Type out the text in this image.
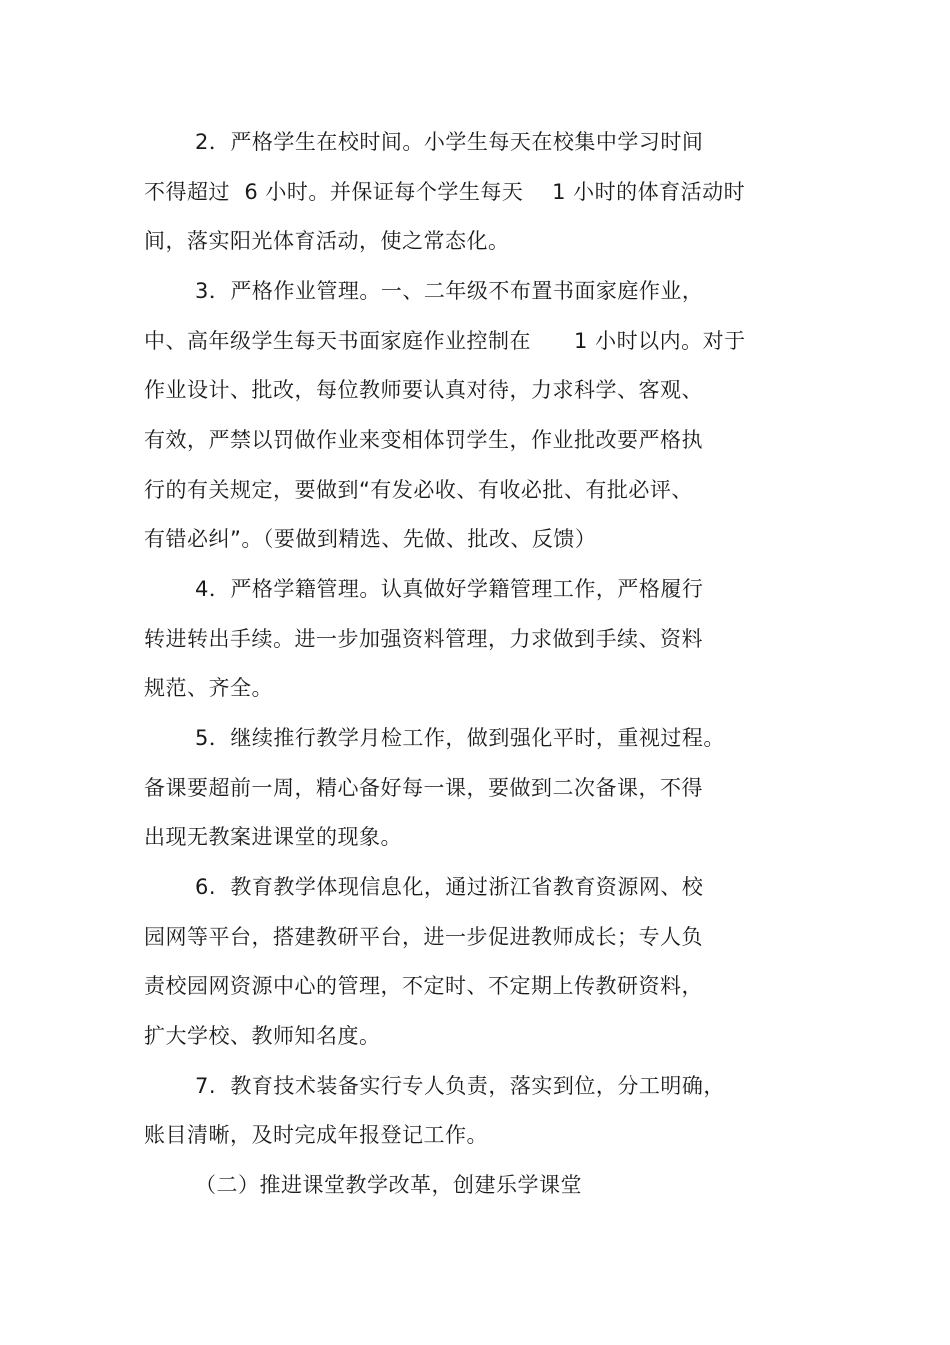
2．严格学生在校时间。小学生每天在校集中学习时间
不得超过  6 小时。并保证每个学生每天    1 小时的体育活动时
间，落实阳光体育活动，使之常态化。
3．严格作业管理。一、二年级不布置书面家庭作业，
中、高年级学生每天书面家庭作业控制在      1 小时以内。对于
作业设计、批改，每位教师要认真对待，力求科学、客观、
有效，严禁以罚做作业来变相体罚学生，作业批改要严格执
行的有关规定，要做到“有发必收、有收必批、有批必评、
有错必纠”。（要做到精选、先做、批改、反馈）
4．严格学籍管理。认真做好学籍管理工作，严格履行
转进转出手续。进一步加强资料管理，力求做到手续、资料
规范、齐全。
5．继续推行教学月检工作，做到强化平时，重视过程。
备课要超前一周，精心备好每一课，要做到二次备课，不得
出现无教案进课堂的现象。
6.  教育教学体现信息化，通过浙江省教育资源网、校
园网等平台，搭建教研平台，进一步促进教师成长；专人负
责校园网资源中心的管理，不定时、不定期上传教研资料，
扩大学校、教师知名度。
7.  教育技术装备实行专人负责，落实到位，分工明确，
账目清晰，及时完成年报登记工作。
（二）推进课堂教学改革，创建乐学课堂
